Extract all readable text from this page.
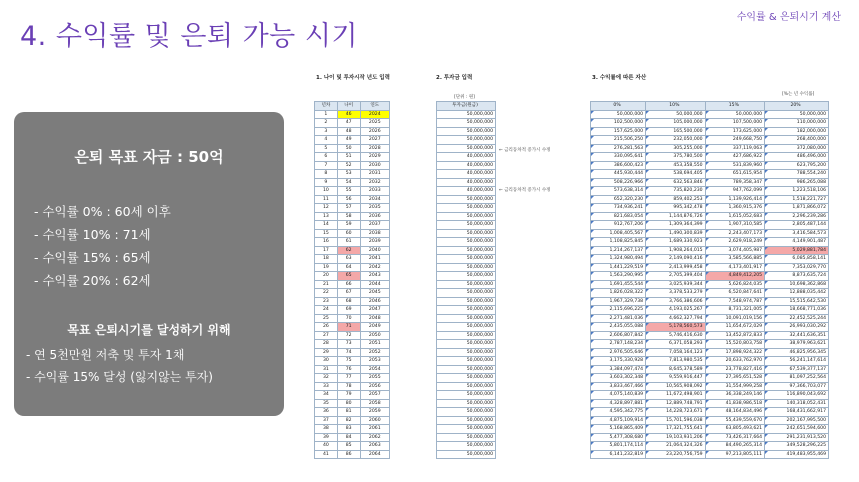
수익률 & 은퇴시기 계산
4. 수익률 및 은퇴 가능 시기
은퇴 목표 자금 : 50억
- 수익률 0% : 60세 이후
- 수익률 10% : 71세
- 수익률 15% : 65세
- 수익률 20% : 62세
목표 은퇴시기를 달성하기 위해
- 연 5천만원 저축 및 투자 1채
- 수익률 15% 달성 (잃지않는 투자)
1. 나이 및 투자시작 년도 입력	2. 투자금 입력	3. 수익률에 따른 자산
[단위 : 원]
[%는 년 수익률]
년차	나이	연도
1	46	2024
2	47	2025
3	48	2026
4	49	2027
5	50	2028
6	51	2029
7	52	2030
8	53	2031
9	54	2032
10	55	2033
11	56	2034
12	57	2035
13	58	2036
14	59	2037
15	60	2038
16	61	2039
17	62	2040
18	63	2041
19	64	2042
20	65	2043
21	66	2044
22	67	2045
23	68	2046
24	69	2047
25	70	2048
26	71	2049
27	72	2050
28	73	2051
29	74	2052
30	75	2053
31	76	2054
32	77	2055
33	78	2056
34	79	2057
35	80	2058
36	81	2059
37	82	2060
38	83	2061
39	84	2062
40	85	2063
41	86	2064
투자금(원금)
50,000,000
50,000,000
50,000,000
50,000,000
50,000,000
40,000,000
40,000,000
40,000,000
40,000,000
40,000,000
50,000,000
50,000,000
50,000,000
50,000,000
50,000,000
50,000,000
50,000,000
50,000,000
50,000,000
50,000,000
50,000,000
50,000,000
50,000,000
50,000,000
50,000,000
50,000,000
50,000,000
50,000,000
50,000,000
50,000,000
50,000,000
50,000,000
50,000,000
50,000,000
50,000,000
50,000,000
50,000,000
50,000,000
50,000,000
50,000,000
50,000,000
0%	10%	15%	20%
50,000,000	50,000,000	50,000,000	50,000,000

102,500,000	105,000,000	107,500,000	110,000,000

157,625,000	165,500,000	173,625,000	182,000,000

215,506,250	232,050,000	249,668,750	268,400,000

276,281,563	305,255,000	337,119,063	372,080,000

330,095,641	375,780,500	427,686,922	486,496,000

386,600,423	453,358,550	531,839,960	623,795,200

445,930,444	538,694,405	651,615,954	788,554,240

508,226,966	632,563,846	789,358,347	986,265,088

573,638,314	735,820,230	947,762,099	1,223,518,106

652,320,230	859,402,253	1,139,926,414	1,518,221,727

734,936,241	995,342,478	1,360,915,376	1,871,866,072

821,683,054	1,144,876,726	1,615,052,683	2,296,239,286

912,767,206	1,309,364,399	1,907,310,585	2,805,487,144

1,008,405,567	1,490,300,839	2,243,407,173	3,416,584,573

1,108,825,845	1,689,330,923	2,629,918,249	4,149,901,487

1,214,267,137	1,908,264,015	3,074,405,987	5,029,881,784

1,324,980,494	2,149,090,416	3,585,566,885	6,085,858,141

1,441,229,519	2,413,999,458	4,173,401,917	7,353,029,770

1,563,290,995	2,705,399,404	4,849,412,205	8,873,635,724

1,691,455,544	3,025,939,344	5,626,824,035	10,698,362,868

1,826,028,322	3,378,533,279	6,520,847,641	12,888,035,442

1,967,329,738	3,766,386,606	7,548,974,787	15,515,642,530

2,115,696,225	4,193,025,267	8,731,321,005	18,668,771,036

2,271,481,036	4,662,327,794	10,091,019,156	22,452,525,244

2,435,055,088	5,178,560,573	11,654,672,029	26,993,030,292

2,606,807,842	5,746,416,630	13,452,872,833	32,441,636,351

2,787,148,234	6,371,058,293	15,520,803,758	38,979,963,621

2,976,505,646	7,058,164,123	17,898,924,322	46,825,956,345

3,175,330,928	7,813,980,535	20,633,762,970	56,241,147,614

3,384,097,474	8,645,378,589	23,778,827,416	67,539,377,137

3,603,302,348	9,559,916,447	27,395,651,528	81,097,252,564

3,833,467,466	10,565,908,092	31,554,999,258	97,366,703,077

4,075,140,839	11,672,498,901	36,338,249,146	116,890,043,692

4,328,897,881	12,889,748,791	41,838,986,518	140,318,052,431

4,595,342,775	14,228,723,671	48,164,834,496	168,431,662,917

4,875,109,914	15,701,596,038	55,439,559,670	202,167,995,500

5,168,865,409	17,321,755,641	63,805,493,621	242,651,594,600

5,477,308,680	19,103,931,206	73,426,317,664	291,231,913,520

5,801,174,114	21,064,324,326	84,490,265,314	349,528,296,225

6,141,232,819	23,220,756,759	97,213,805,111	419,483,955,469
← 금리동차적 증가시 수정
← 금리동차적 증가시 수정
